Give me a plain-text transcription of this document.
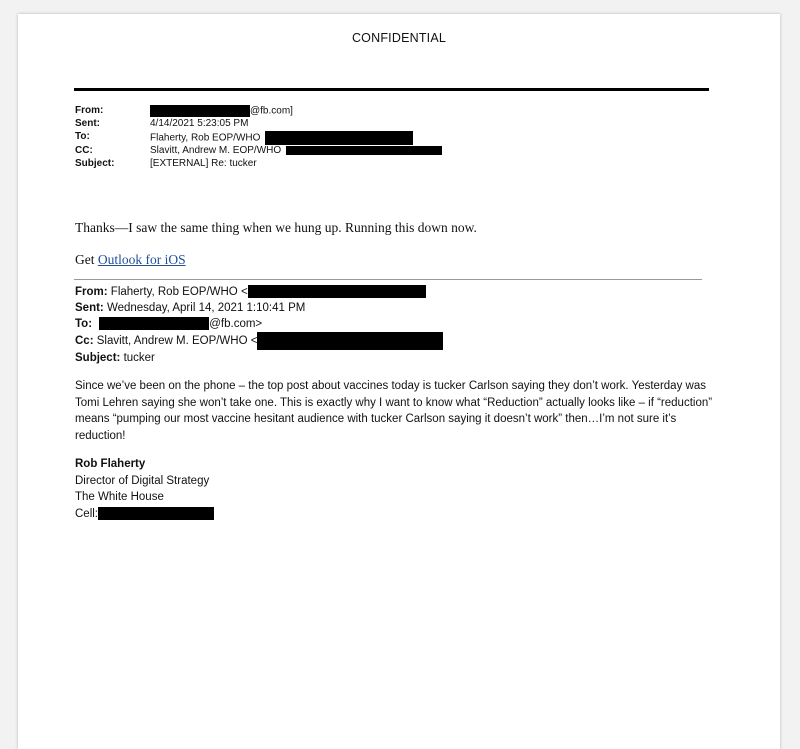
CONFIDENTIAL
From:	@fb.com]
Sent:	4/14/2021 5:23:05 PM
To:	Flaherty, Rob EOP/WHO
CC:	Slavitt, Andrew M. EOP/WHO
Subject:	[EXTERNAL] Re: tucker
Thanks—I saw the same thing when we hung up. Running this down now.
Get Outlook for iOS
From: Flaherty, Rob EOP/WHO <
Sent: Wednesday, April 14, 2021 1:10:41 PM
To:	@fb.com>
Cc: Slavitt, Andrew M. EOP/WHO <
Subject: tucker
Since we’ve been on the phone – the top post about vaccines today is tucker Carlson saying they don’t work. Yesterday was Tomi Lehren saying she won’t take one. This is exactly why I want to know what “Reduction” actually looks like – if “reduction” means “pumping our most vaccine hesitant audience with tucker Carlson saying it doesn’t work” then…I’m not sure it’s reduction!
Rob Flaherty
Director of Digital Strategy
The White House
Cell:
